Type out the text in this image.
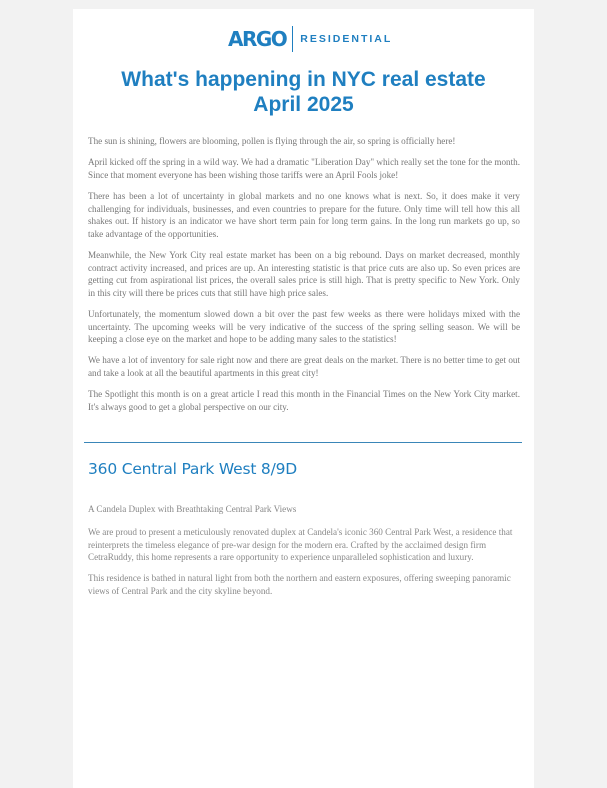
ARGO RESIDENTIAL
What's happening in NYC real estate
April 2025

The sun is shining, flowers are blooming, pollen is flying through the air, so spring is officially here!

April kicked off the spring in a wild way. We had a dramatic "Liberation Day" which really set the tone for the month. Since that moment everyone has been wishing those tariffs were an April Fools joke!

There has been a lot of uncertainty in global markets and no one knows what is next. So, it does make it very challenging for individuals, businesses, and even countries to prepare for the future. Only time will tell how this all shakes out. If history is an indicator we have short term pain for long term gains. In the long run markets go up, so take advantage of the opportunities.

Meanwhile, the New York City real estate market has been on a big rebound. Days on market decreased, monthly contract activity increased, and prices are up. An interesting statistic is that price cuts are also up. So even prices are getting cut from aspirational list prices, the overall sales price is still high. That is pretty specific to New York. Only in this city will there be prices cuts that still have high price sales.

Unfortunately, the momentum slowed down a bit over the past few weeks as there were holidays mixed with the uncertainty. The upcoming weeks will be very indicative of the success of the spring selling season. We will be keeping a close eye on the market and hope to be adding many sales to the statistics!

We have a lot of inventory for sale right now and there are great deals on the market. There is no better time to get out and take a look at all the beautiful apartments in this great city!

The Spotlight this month is on a great article I read this month in the Financial Times on the New York City market. It's always good to get a global perspective on our city.

360 Central Park West 8/9D

A Candela Duplex with Breathtaking Central Park Views

We are proud to present a meticulously renovated duplex at Candela's iconic 360 Central Park West, a residence that reinterprets the timeless elegance of pre-war design for the modern era. Crafted by the acclaimed design firm CetraRuddy, this home represents a rare opportunity to experience unparalleled sophistication and luxury.

This residence is bathed in natural light from both the northern and eastern exposures, offering sweeping panoramic views of Central Park and the city skyline beyond.
